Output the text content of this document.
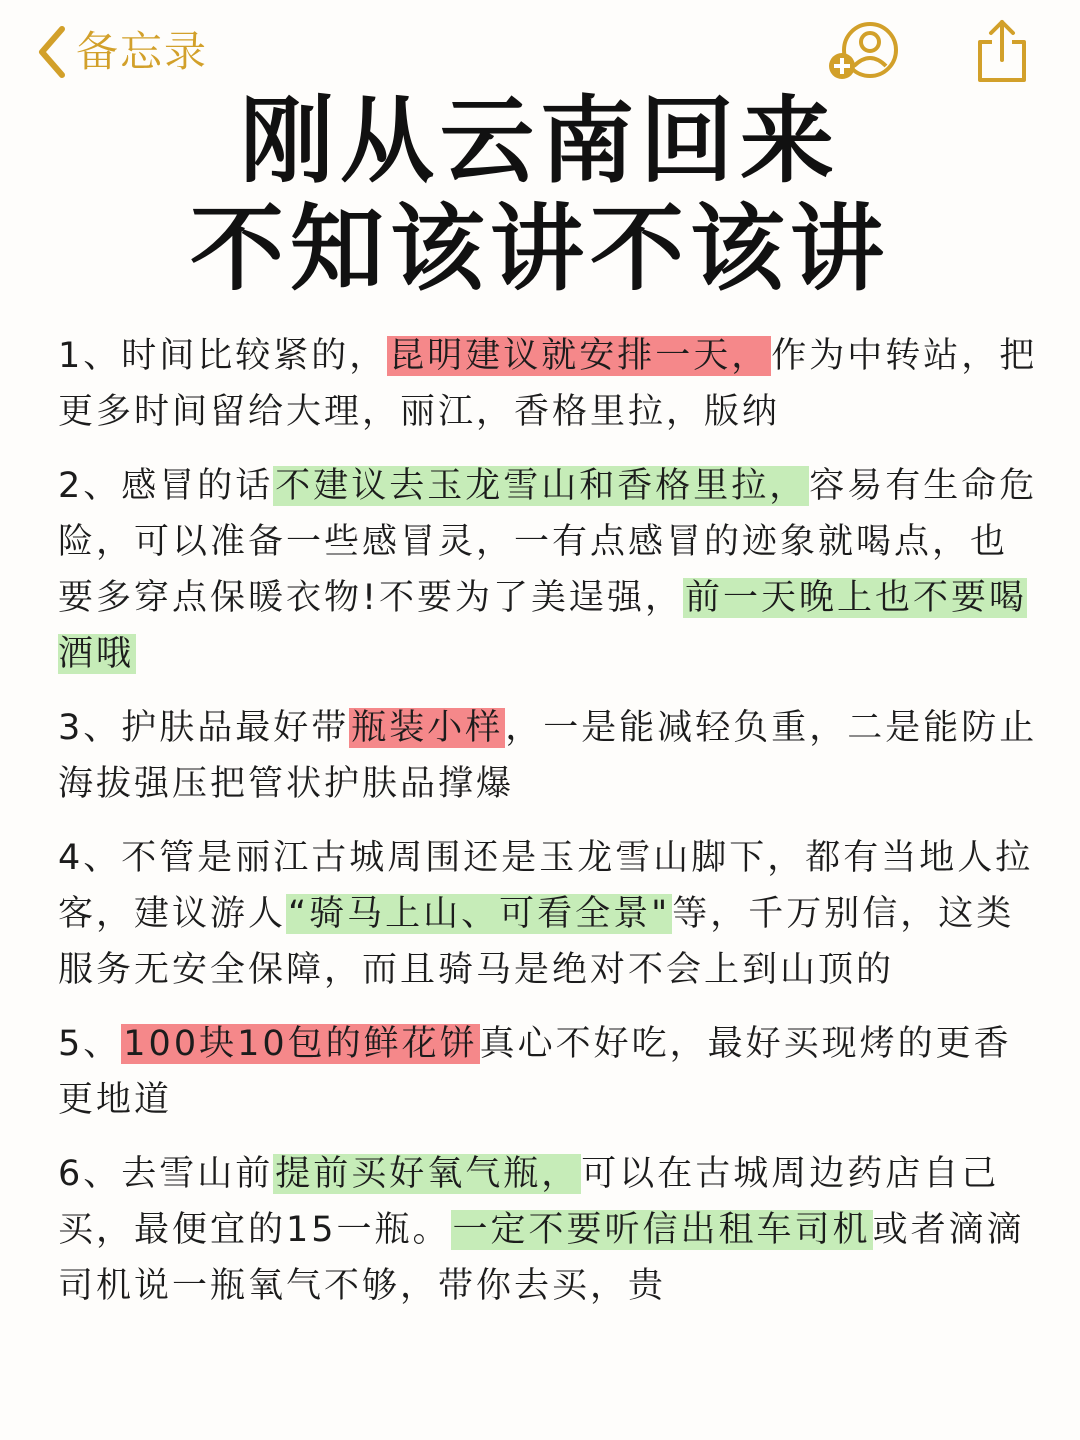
备忘录
刚从云南回来
不知该讲不该讲
1、时间比较紧的，昆明建议就安排一天，作为中转站，把更多时间留给大理，丽江，香格里拉，版纳
2、感冒的话不建议去玉龙雪山和香格里拉，容易有生命危险，可以准备一些感冒灵，一有点感冒的迹象就喝点，也要多穿点保暖衣物!不要为了美逞强，前一天晚上也不要喝酒哦
3、护肤品最好带瓶装小样，一是能减轻负重，二是能防止海拔强压把管状护肤品撑爆
4、不管是丽江古城周围还是玉龙雪山脚下，都有当地人拉客，建议游人“骑马上山、可看全景"等，千万别信，这类服务无安全保障，而且骑马是绝对不会上到山顶的
5、100块10包的鲜花饼真心不好吃，最好买现烤的更香更地道
6、去雪山前提前买好氧气瓶，可以在古城周边药店自己买，最便宜的15一瓶。一定不要听信出租车司机或者滴滴司机说一瓶氧气不够，带你去买，贵
